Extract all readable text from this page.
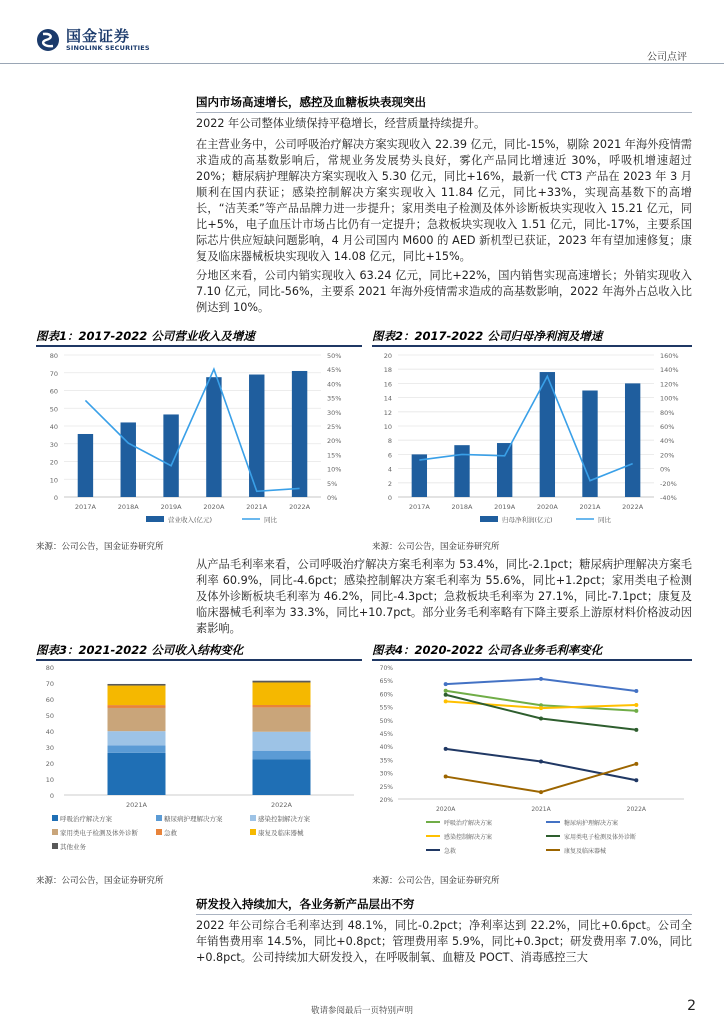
国金证券
SINOLINK SECURITIES
公司点评
国内市场高速增长，感控及血糖板块表现突出

2022 年公司整体业绩保持平稳增长，经营质量持续提升。

在主营业务中，公司呼吸治疗解决方案实现收入 22.39 亿元，同比-15%，剔除 2021 年海外疫情需求造成的高基数影响后，常规业务发展势头良好，雾化产品同比增速近 30%，呼吸机增速超过 20%；糖尿病护理解决方案实现收入 5.30 亿元，同比+16%，最新一代 CT3 产品在 2023 年 3 月顺利在国内获证；感染控制解决方案实现收入 11.84 亿元，同比+33%，实现高基数下的高增长，“洁芙柔”等产品品牌力进一步提升；家用类电子检测及体外诊断板块实现收入 15.21 亿元，同比+5%，电子血压计市场占比仍有一定提升；急救板块实现收入 1.51 亿元，同比-17%，主要系国际芯片供应短缺问题影响，4 月公司国内 M600 的 AED 新机型已获证，2023 年有望加速修复；康复及临床器械板块实现收入 14.08 亿元，同比+15%。

分地区来看，公司内销实现收入 63.24 亿元，同比+22%，国内销售实现高速增长；外销实现收入 7.10 亿元，同比-56%，主要系 2021 年海外疫情需求造成的高基数影响，2022 年海外占总收入比例达到 10%。

图表1：2017-2022 公司营业收入及增速
0
10
20
30
40
50
60
70
80
0%
5%
10%
15%
20%
25%
30%
35%
40%
45%
50%
2017A	2018A	2019A	2020A	2021A	2022A
营业收入(亿元)	同比
来源：公司公告，国金证券研究所
图表2：2017-2022 公司归母净利润及增速
0
2
4
6
8
10
12
14
16
18
20
-40%
-20%
0%
20%
40%
60%
80%
100%
120%
140%
160%
2017A	2018A	2019A	2020A	2021A	2022A
归母净利润(亿元)	同比
来源：公司公告，国金证券研究所

从产品毛利率来看，公司呼吸治疗解决方案毛利率为 53.4%，同比-2.1pct；糖尿病护理解决方案毛利率 60.9%，同比-4.6pct；感染控制解决方案毛利率为 55.6%，同比+1.2pct；家用类电子检测及体外诊断板块毛利率为 46.2%，同比-4.3pct；急救板块毛利率为 27.1%，同比-7.1pct；康复及临床器械毛利率为 33.3%，同比+10.7pct。部分业务毛利率略有下降主要系上游原材料价格波动因素影响。

图表3：2021-2022 公司收入结构变化
0
10
20
30
40
50
60
70
80
2021A	2022A
呼吸治疗解决方案	糖尿病护理解决方案	感染控制解决方案
家用类电子检测及体外诊断	急救	康复及临床器械
其他业务
来源：公司公告，国金证券研究所
图表4：2020-2022 公司各业务毛利率变化
20%
25%
30%
35%
40%
45%
50%
55%
60%
65%
70%
2020A	2021A	2022A
呼吸治疗解决方案	糖尿病护理解决方案
感染控制解决方案	家用类电子检测及体外诊断
急救	康复及临床器械
来源：公司公告，国金证券研究所
研发投入持续加大，各业务新产品层出不穷

2022 年公司综合毛利率达到 48.1%，同比-0.2pct；净利率达到 22.2%，同比+0.6pct。公司全年销售费用率 14.5%，同比+0.8pct；管理费用率 5.9%，同比+0.3pct；研发费用率 7.0%，同比+0.8pct。公司持续加大研发投入，在呼吸制氧、血糖及 POCT、消毒感控三大

敬请参阅最后一页特别声明	2
